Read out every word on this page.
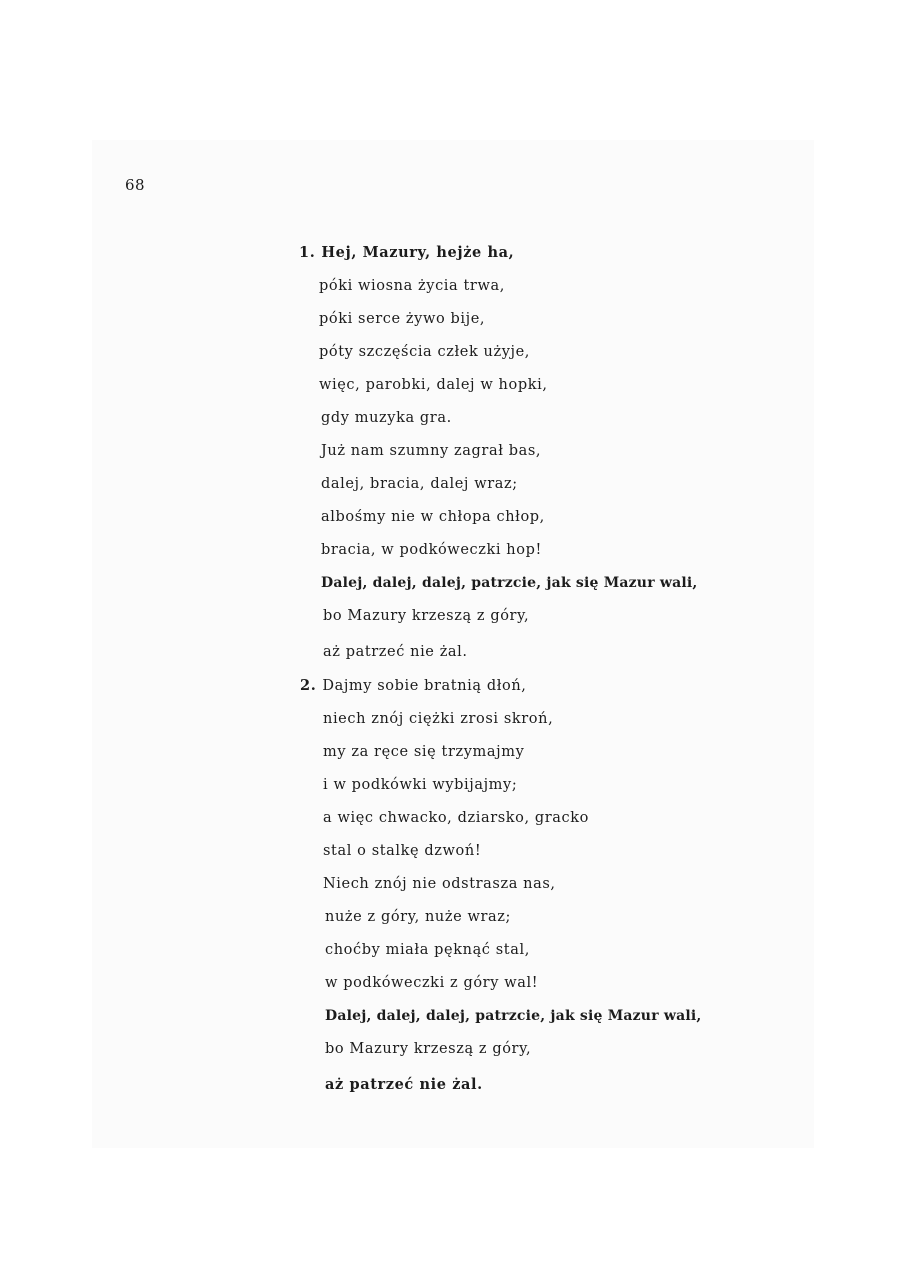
68
1. Hej, Mazury, hejże ha,
póki wiosna życia trwa,
póki serce żywo bije,
póty szczęścia człek użyje,
więc, parobki, dalej w hopki,
gdy muzyka gra.
Już nam szumny zagrał bas,
dalej, bracia, dalej wraz;
albośmy nie w chłopa chłop,
bracia, w podkóweczki hop!
Dalej, dalej, dalej, patrzcie, jak się Mazur wali,
bo Mazury krzeszą z góry,
aż patrzeć nie żal.
2. Dajmy sobie bratnią dłoń,
niech znój ciężki zrosi skroń,
my za ręce się trzymajmy
i w podkówki wybijajmy;
a więc chwacko, dziarsko, gracko
stal o stalkę dzwoń!
Niech znój nie odstrasza nas,
nuże z góry, nuże wraz;
choćby miała pęknąć stal,
w podkóweczki z góry wal!
Dalej, dalej, dalej, patrzcie, jak się Mazur wali,
bo Mazury krzeszą z góry,
aż patrzeć nie żal.
